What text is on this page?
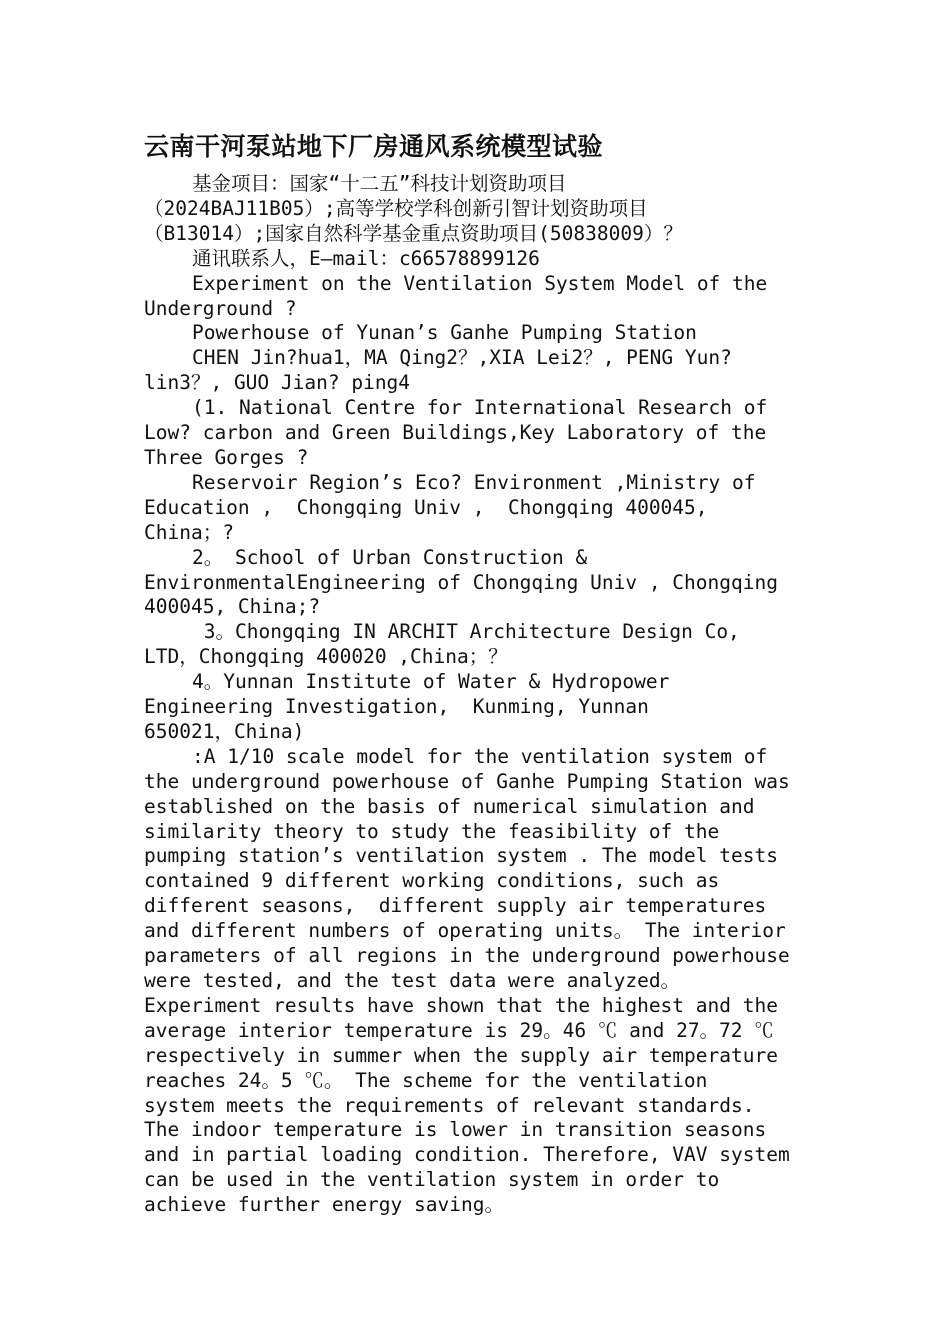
云南干河泵站地下厂房通风系统模型试验
基金项目：国家“十二五”科技计划资助项目
（2024BAJ11B05）;高等学校学科创新引智计划资助项目
（B13014）;国家自然科学基金重点资助项目(50838009）？
通讯联系人，E—mail：c66578899126
Experiment on the Ventilation System Model of the
Underground ?
Powerhouse of Yunan’s Ganhe Pumping Station
CHEN Jin?hua1，MA Qing2？,XIA Lei2？, PENG Yun?
lin3？, GUO Jian? ping4
(1. National Centre for International Research of
Low? carbon and Green Buildings,Key Laboratory of the
Three Gorges ?
Reservoir Region’s Eco? Environment ,Ministry of
Education ,  Chongqing Univ ,  Chongqing 400045,
China；?
2。 School of Urban Construction &
EnvironmentalEngineering of Chongqing Univ , Chongqing
400045, China;?
3。Chongqing IN ARCHIT Architecture Design Co,
LTD，Chongqing 400020 ,China；？
4。Yunnan Institute of Water & Hydropower
Engineering Investigation,  Kunming, Yunnan
650021，China)
:A 1/10 scale model for the ventilation system of
the underground powerhouse of Ganhe Pumping Station was
established on the basis of numerical simulation and
similarity theory to study the feasibility of the
pumping station’s ventilation system . The model tests
contained 9 different working conditions, such as
different seasons,  different supply air temperatures
and different numbers of operating units。 The interior
parameters of all regions in the underground powerhouse
were tested, and the test data were analyzed。
Experiment results have shown that the highest and the
average interior temperature is 29。46 ℃ and 27。72 ℃
respectively in summer when the supply air temperature
reaches 24。5 ℃。 The scheme for the ventilation
system meets the requirements of relevant standards.
The indoor temperature is lower in transition seasons
and in partial loading condition. Therefore, VAV system
can be used in the ventilation system in order to
achieve further energy saving。
